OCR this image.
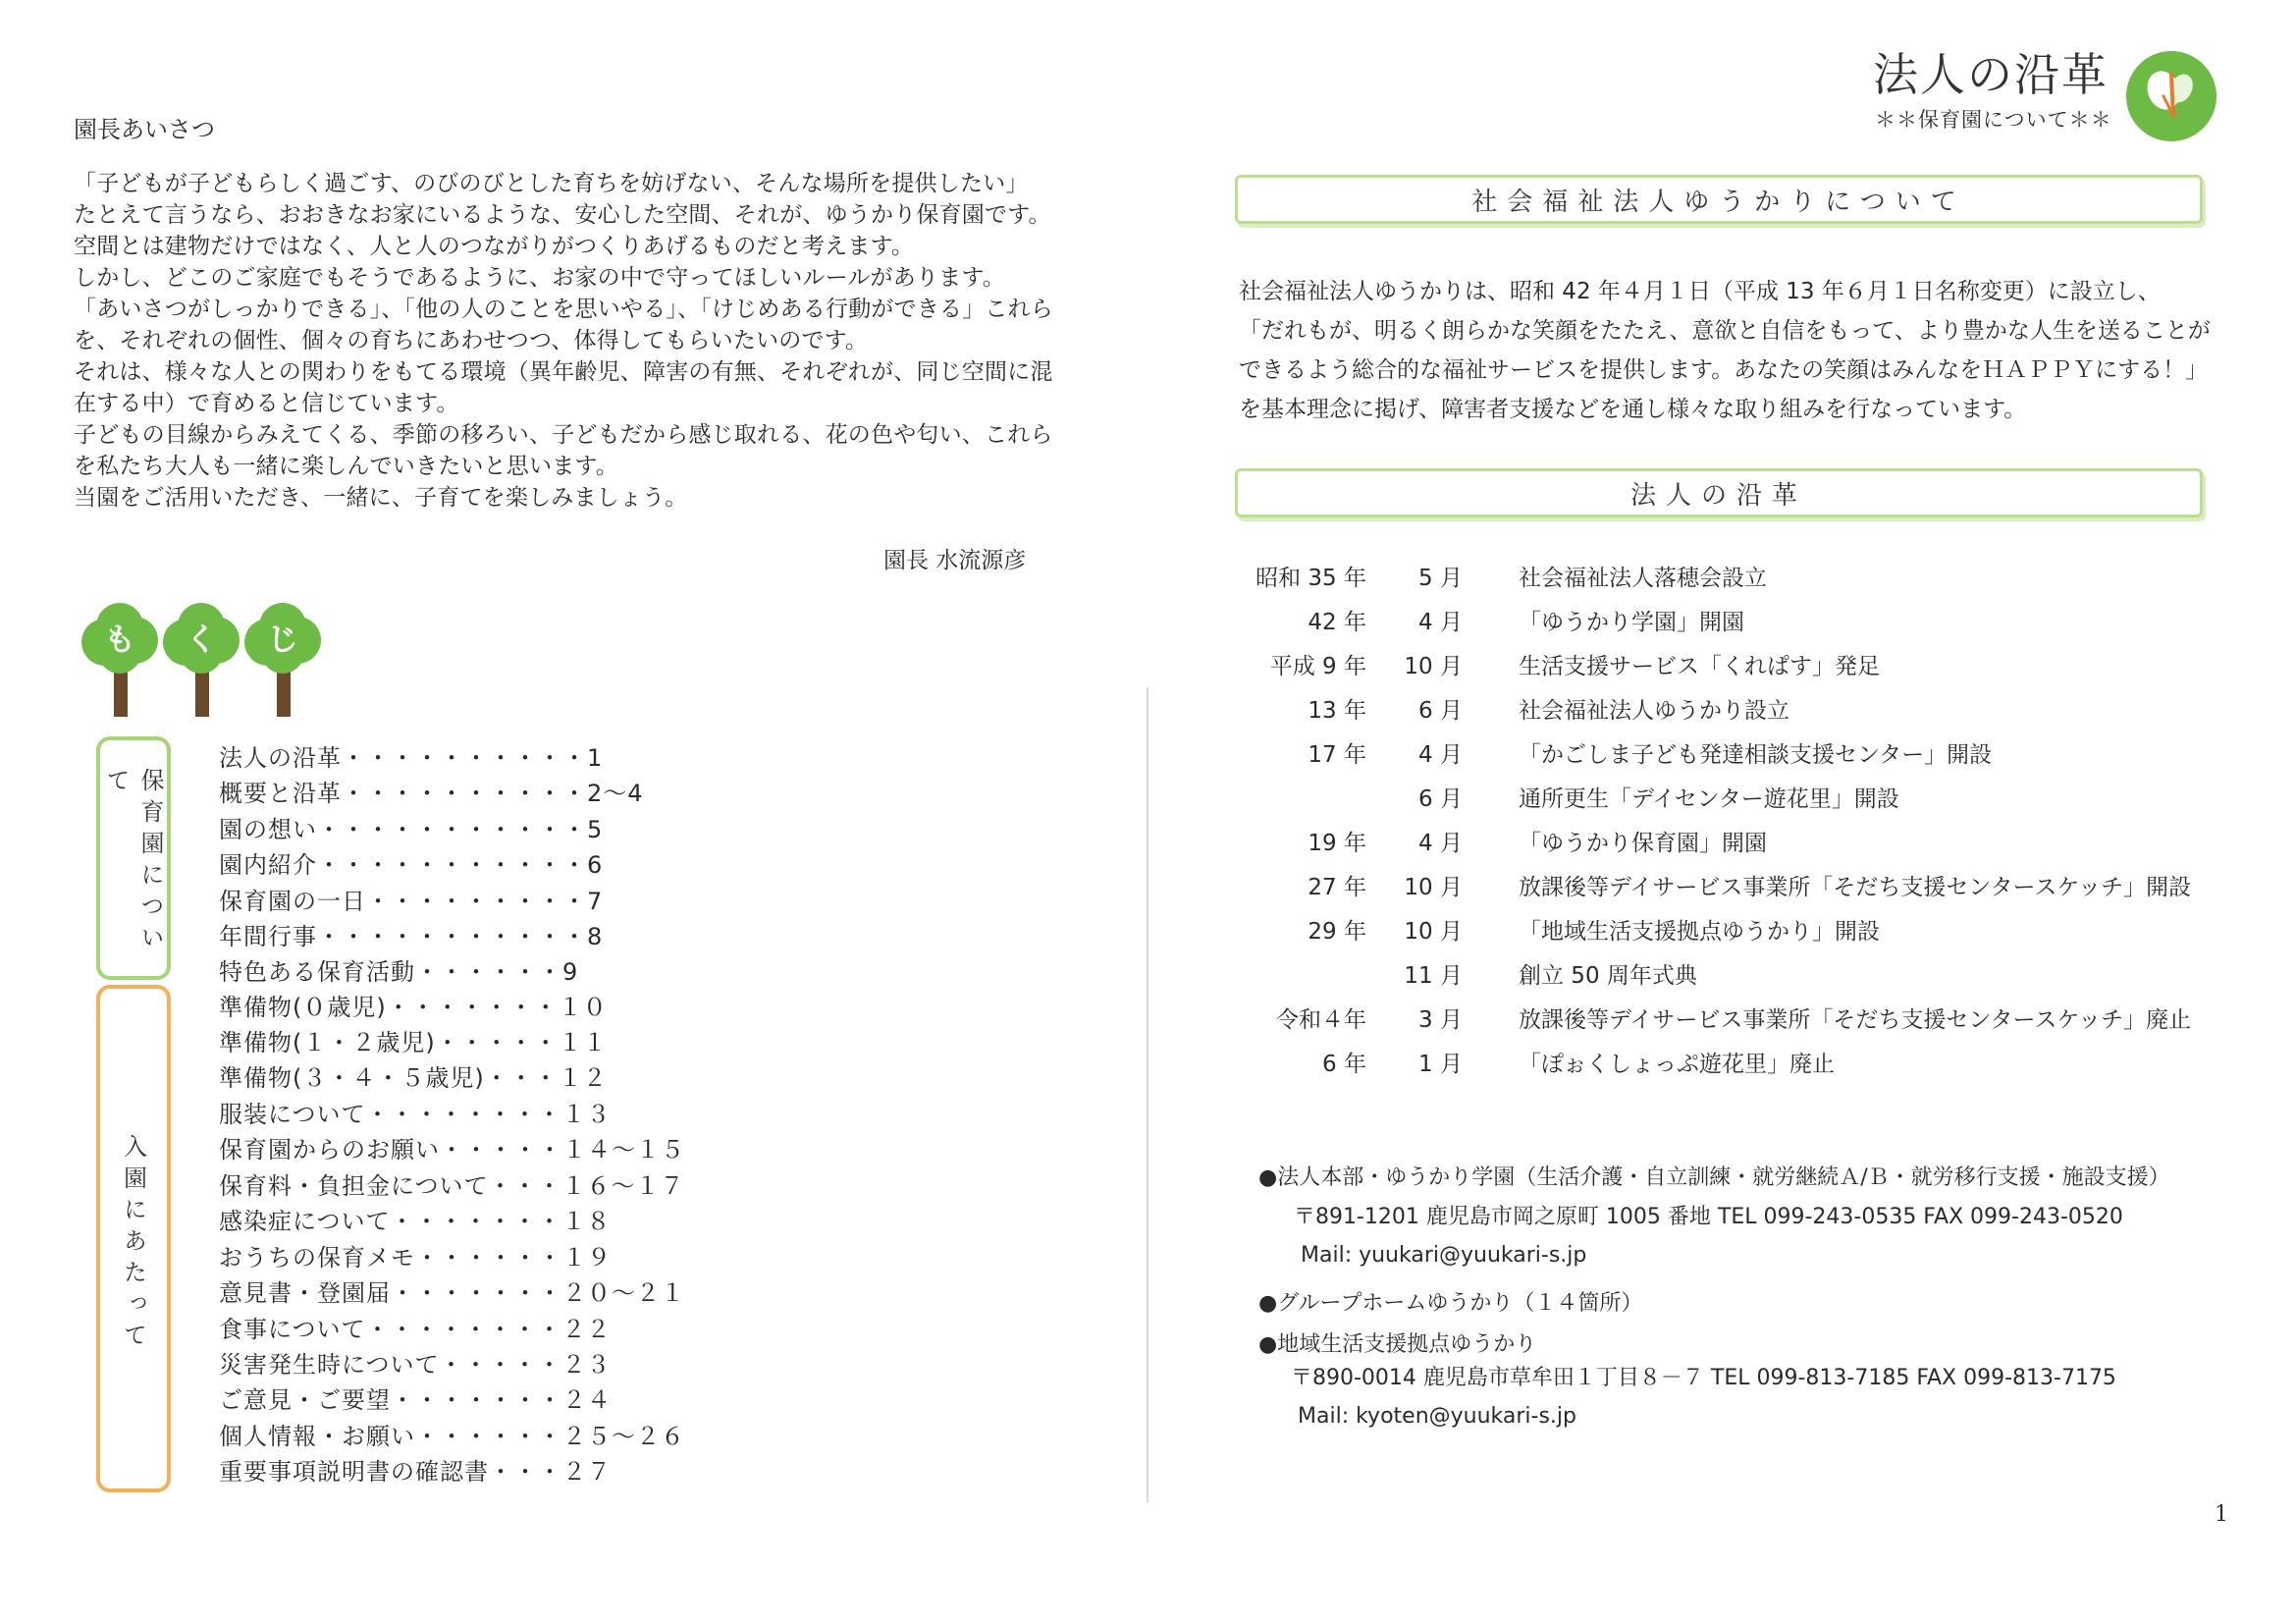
園長あいさつ
「子どもが子どもらしく過ごす、のびのびとした育ちを妨げない、そんな場所を提供したい」
たとえて言うなら、おおきなお家にいるような、安心した空間、それが、ゆうかり保育園です。
空間とは建物だけではなく、人と人のつながりがつくりあげるものだと考えます。
しかし、どこのご家庭でもそうであるように、お家の中で守ってほしいルールがあります。
「あいさつがしっかりできる」、「他の人のことを思いやる」、「けじめある行動ができる」これら
を、それぞれの個性、個々の育ちにあわせつつ、体得してもらいたいのです。
それは、様々な人との関わりをもてる環境（異年齢児、障害の有無、それぞれが、同じ空間に混
在する中）で育めると信じています。
子どもの目線からみえてくる、季節の移ろい、子どもだから感じ取れる、花の色や匂い、これら
を私たち大人も一緒に楽しんでいきたいと思います。
当園をご活用いただき、一緒に、子育てを楽しみましょう。
園長 水流源彦
も く じ
保育園について
入園にあたって
法人の沿革・・・・・・・・・・1
概要と沿革・・・・・・・・・・2〜4
園の想い・・・・・・・・・・・5
園内紹介・・・・・・・・・・・6
保育園の一日・・・・・・・・・7
年間行事・・・・・・・・・・・8
特色ある保育活動・・・・・・9
準備物(０歳児)・・・・・・・１０
準備物(１・２歳児)・・・・・１１
準備物(３・４・５歳児)・・・１２
服装について・・・・・・・・１３
保育園からのお願い・・・・・１４〜１５
保育料・負担金について・・・１６〜１７
感染症について・・・・・・・１８
おうちの保育メモ・・・・・・１９
意見書・登園届・・・・・・・２０〜２１
食事について・・・・・・・・２２
災害発生時について・・・・・２３
ご意見・ご要望・・・・・・・２４
個人情報・お願い・・・・・・２５〜２６
重要事項説明書の確認書・・・２７
法人の沿革
＊＊保育園について＊＊
社会福祉法人ゆうかりについて
社会福祉法人ゆうかりは、昭和 42 年４月１日（平成 13 年６月１日名称変更）に設立し、
「だれもが、明るく朗らかな笑顔をたたえ、意欲と自信をもって、より豊かな人生を送ることが
できるよう総合的な福祉サービスを提供します。あなたの笑顔はみんなをＨＡＰＰＹにする！」
を基本理念に掲げ、障害者支援などを通し様々な取り組みを行なっています。
法人の沿革
昭和 35 年	5 月 社会福祉法人落穂会設立
42 年	4 月 「ゆうかり学園」開園
平成 9 年 10 月 生活支援サービス「くれぱす」発足
13 年	6 月 社会福祉法人ゆうかり設立
17 年	4 月 「かごしま子ども発達相談支援センター」開設
6 月 通所更生「デイセンター遊花里」開設
19 年	4 月 「ゆうかり保育園」開園
27 年 10 月 放課後等デイサービス事業所「そだち支援センタースケッチ」開設
29 年 10 月 「地域生活支援拠点ゆうかり」開設
11 月 創立 50 周年式典
令和４年	3 月 放課後等デイサービス事業所「そだち支援センタースケッチ」廃止
6 年	1 月 「ぽぉくしょっぷ遊花里」廃止
●法人本部・ゆうかり学園（生活介護・自立訓練・就労継続Ａ/Ｂ・就労移行支援・施設支援）
〒891-1201 鹿児島市岡之原町 1005 番地 TEL 099-243-0535 FAX 099-243-0520
Mail: yuukari@yuukari-s.jp
●グループホームゆうかり（１４箇所）
●地域生活支援拠点ゆうかり
〒890-0014 鹿児島市草牟田１丁目８－７ TEL 099-813-7185 FAX 099-813-7175
Mail: kyoten@yuukari-s.jp
1
